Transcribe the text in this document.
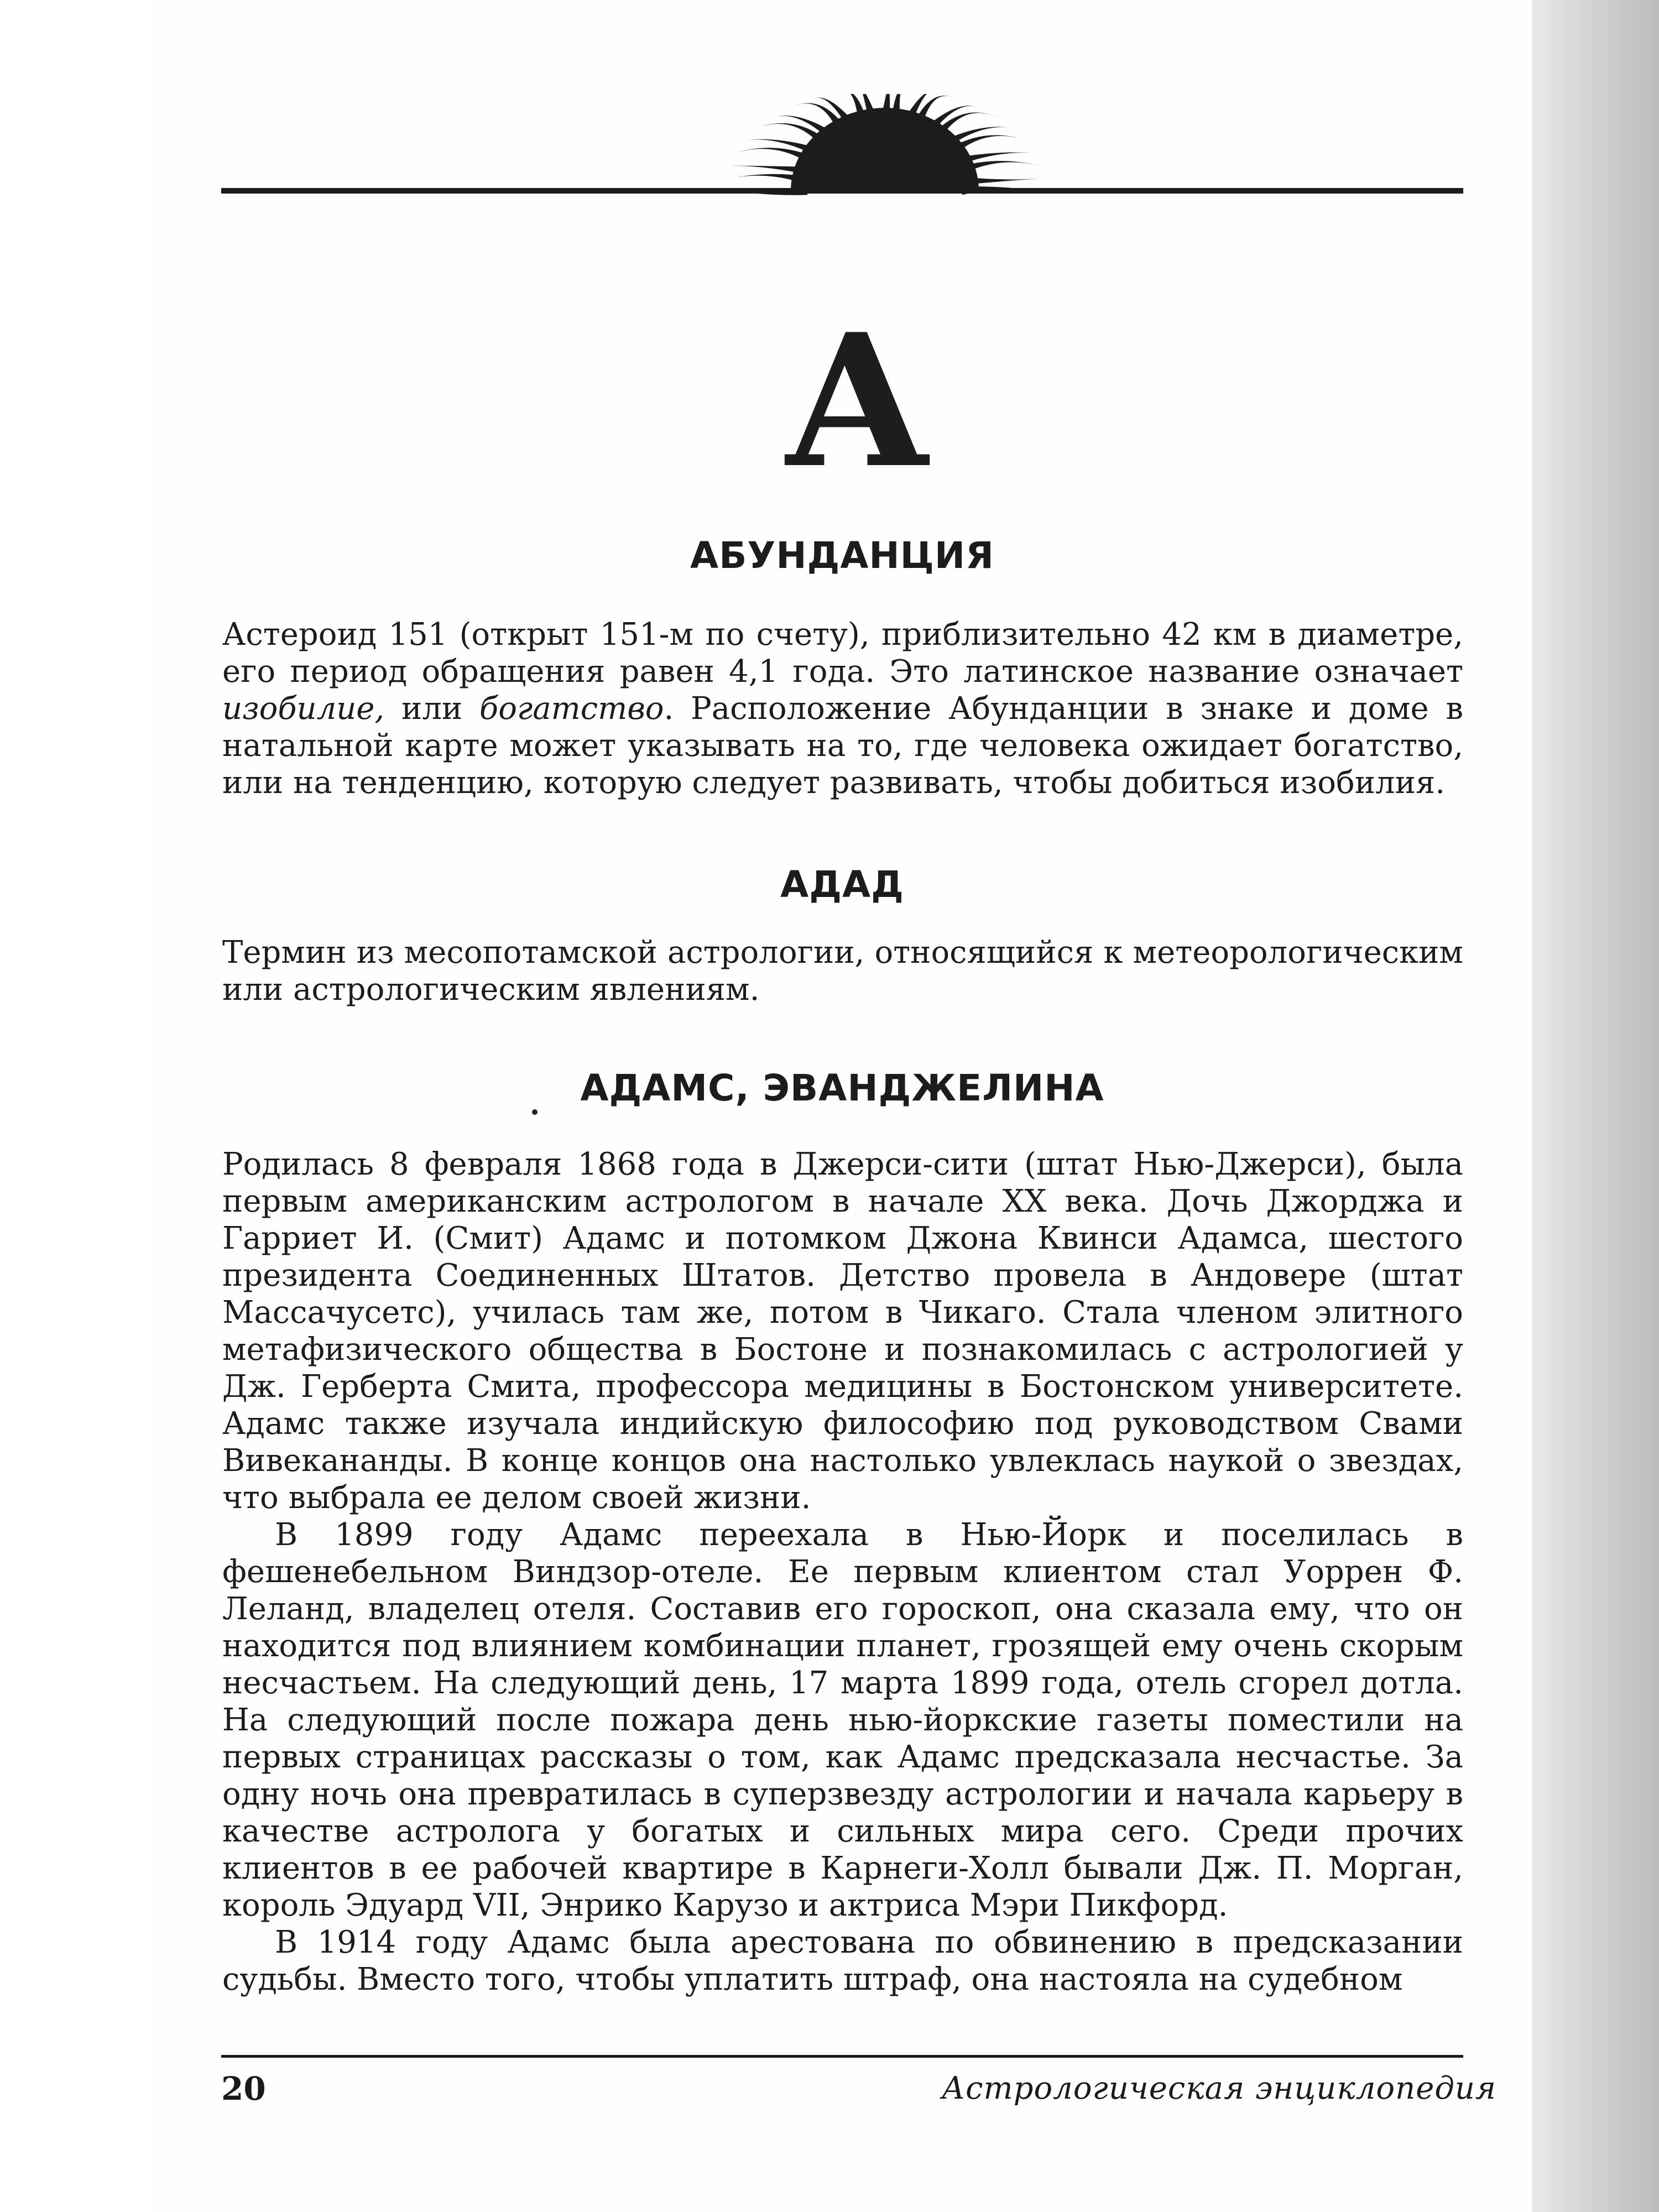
А
АБУНДАНЦИЯ

Астероид 151 (открыт 151-м по счету), приблизительно 42 км в диаметре, его период обращения равен 4,1 года. Это латинское название означает изобилие, или богатство. Расположение Абунданции в знаке и доме в натальной карте может указывать на то, где человека ожидает богатство, или на тенденцию, которую следует развивать, чтобы добиться изобилия.

АДАД

Термин из месопотамской астрологии, относящийся к метеорологическим или астрологическим явлениям.

АДАМС, ЭВАНДЖЕЛИНА

Родилась 8 февраля 1868 года в Джерси-сити (штат Нью-Джерси), была первым американским астрологом в начале XX века. Дочь Джорджа и Гарриет И. (Смит) Адамс и потомком Джона Квинси Адамса, шестого президента Соединенных Штатов. Детство провела в Андовере (штат Массачусетс), училась там же, потом в Чикаго. Стала членом элитного метафизического общества в Бостоне и познакомилась с астрологией у Дж. Герберта Смита, профессора медицины в Бостонском университете. Адамс также изучала индийскую философию под руководством Свами Вивекананды. В конце концов она настолько увлеклась наукой о звездах, что выбрала ее делом своей жизни.

В 1899 году Адамс переехала в Нью-Йорк и поселилась в фешенебельном Виндзор-отеле. Ее первым клиентом стал Уоррен Ф. Леланд, владелец отеля. Составив его гороскоп, она сказала ему, что он находится под влиянием комбинации планет, грозящей ему очень скорым несчастьем. На следующий день, 17 марта 1899 года, отель сгорел дотла. На следующий после пожара день нью-йоркские газеты поместили на первых страницах рассказы о том, как Адамс предсказала несчастье. За одну ночь она превратилась в суперзвезду астрологии и начала карьеру в качестве астролога у богатых и сильных мира сего. Среди прочих клиентов в ее рабочей квартире в Карнеги-Холл бывали Дж. П. Морган, король Эдуард VII, Энрико Карузо и актриса Мэри Пикфорд.

В 1914 году Адамс была арестована по обвинению в предсказании судьбы. Вместо того, чтобы уплатить штраф, она настояла на судебном

20	Астрологическая энциклопедия
